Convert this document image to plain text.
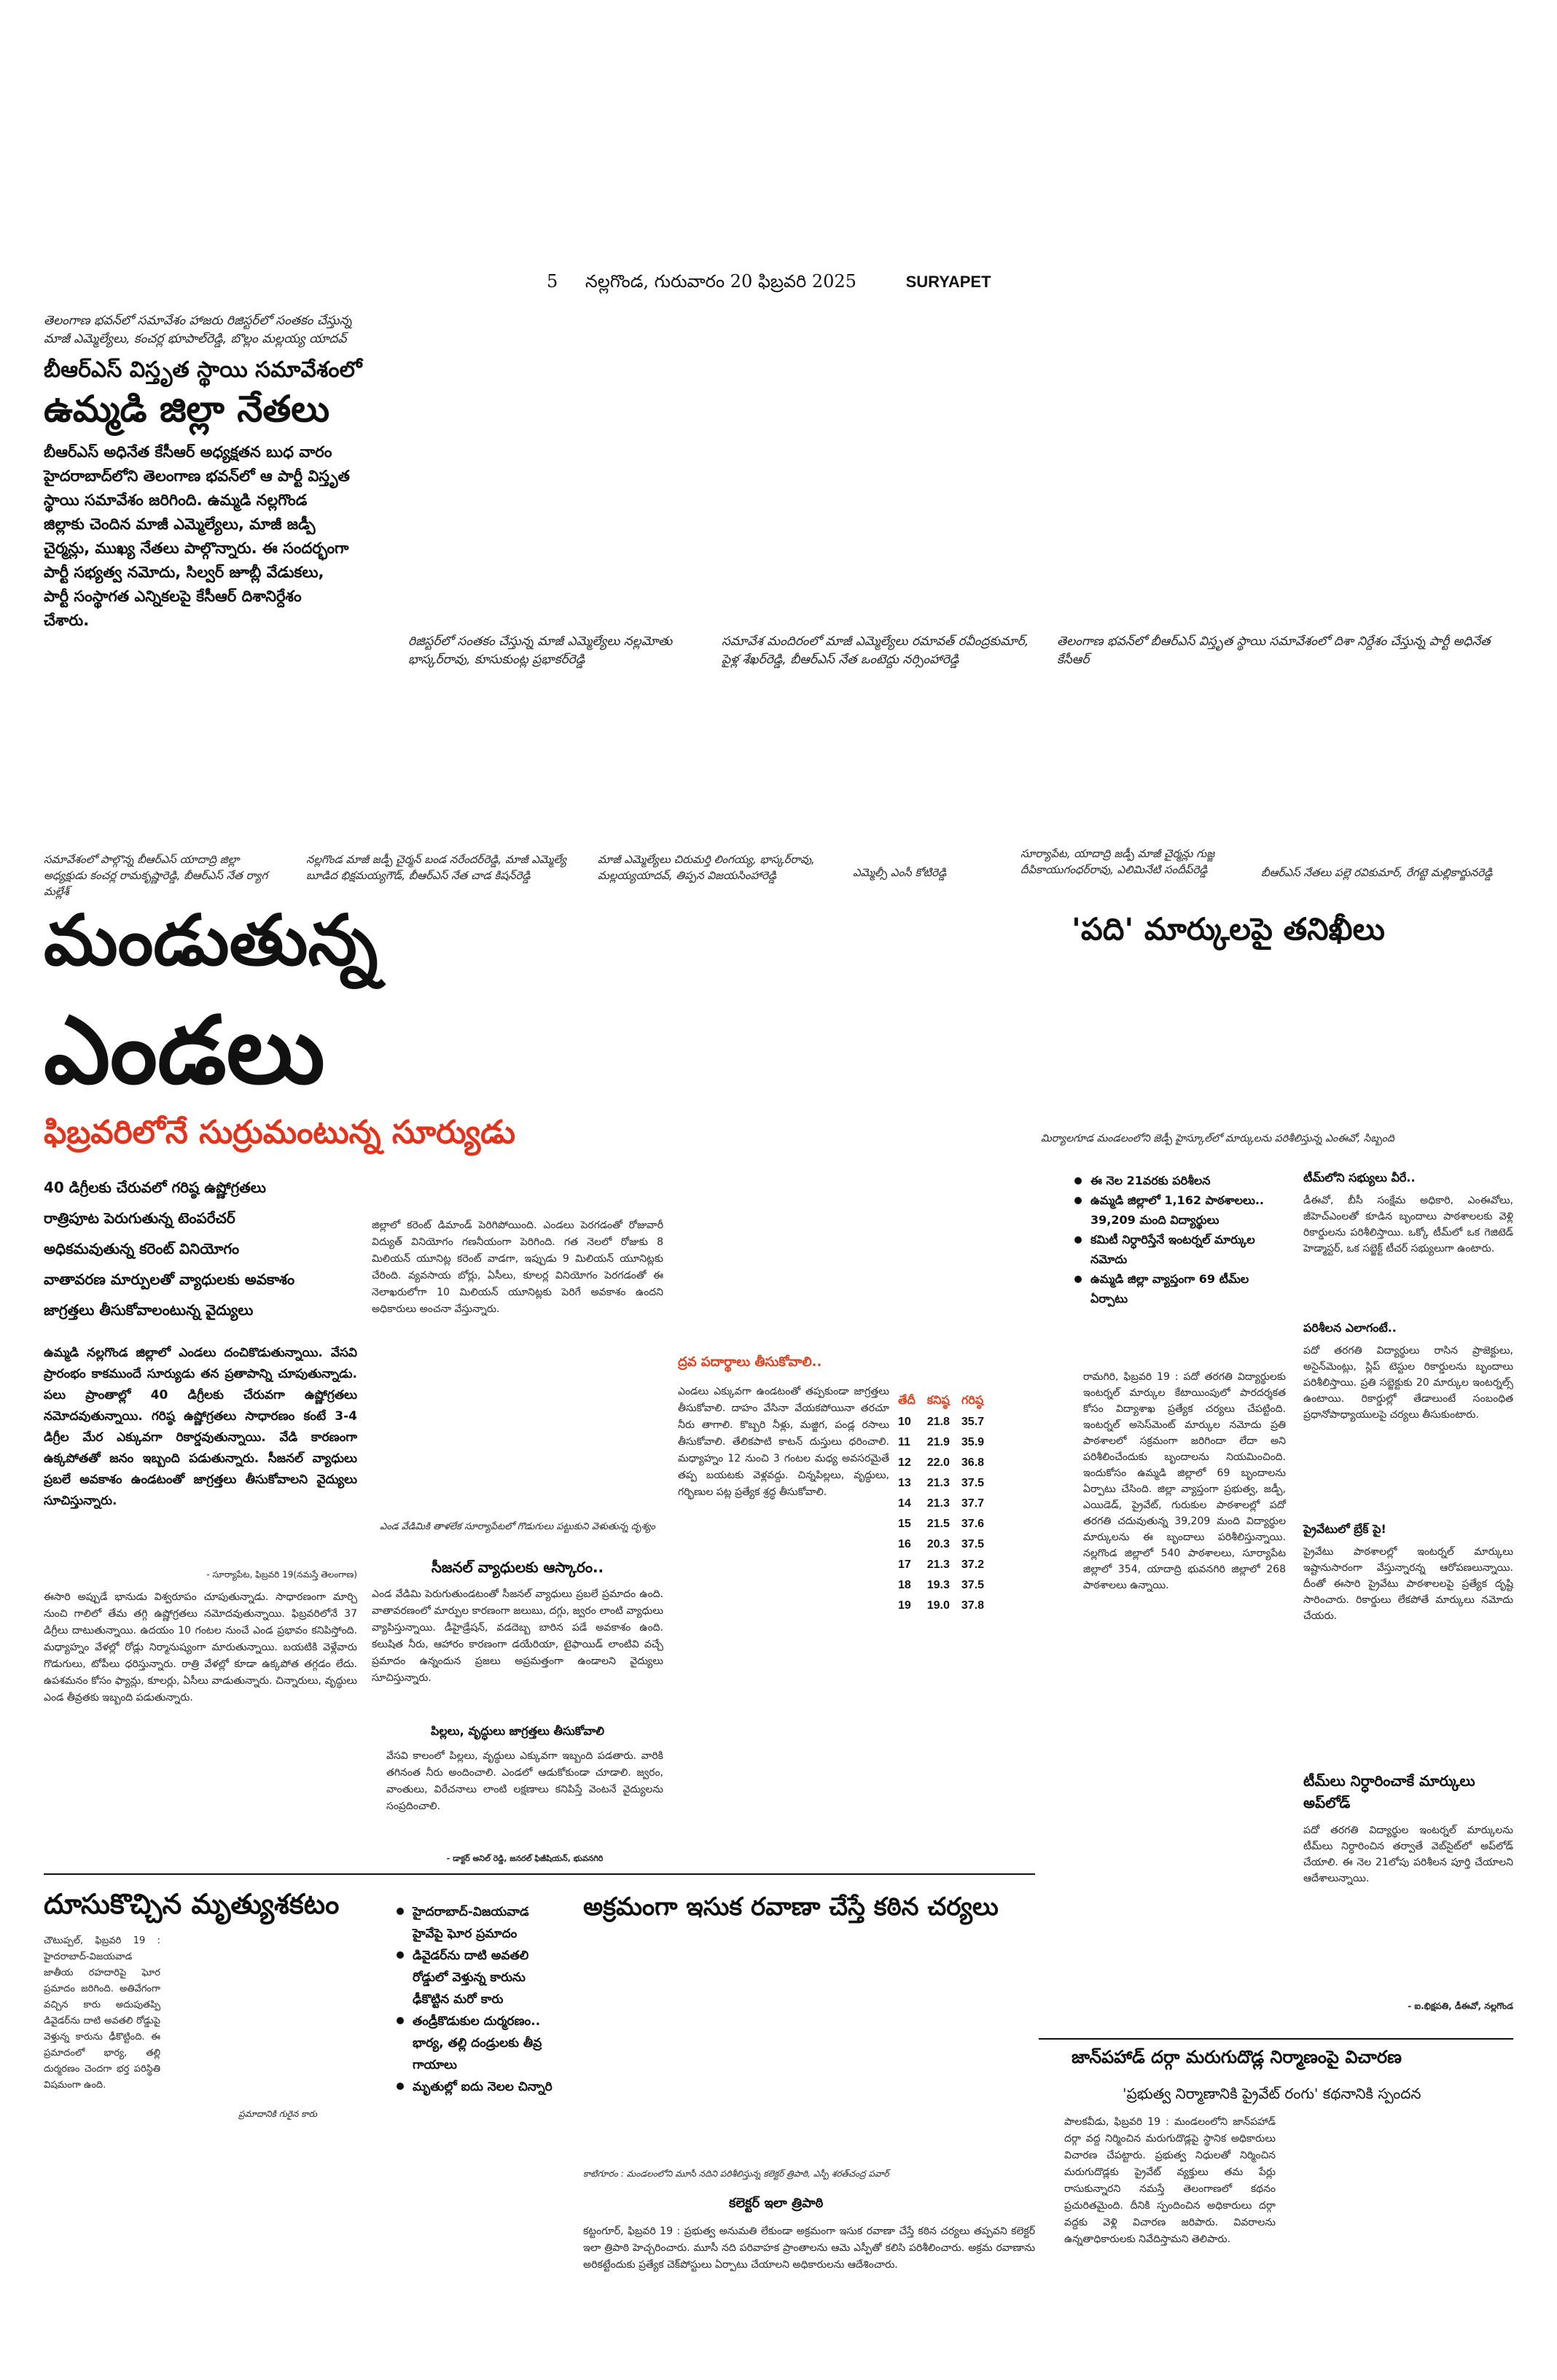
5 నల్లగొండ, గురువారం 20 ఫిబ్రవరి 2025	SURYAPET
తెలంగాణ భవన్‌లో సమావేశం హాజరు రిజిస్టర్‌లో సంతకం చేస్తున్న మాజీ ఎమ్మెల్యేలు, కంచర్ల భూపాల్‌రెడ్డి, బొల్లం మల్లయ్య యాదవ్
బీఆర్ఎస్ విస్తృత స్థాయి సమావేశంలో
ఉమ్మడి జిల్లా నేతలు
బీఆర్ఎస్ అధినేత కేసీఆర్ అధ్యక్షతన బుధ వారం హైదరాబాద్‌లోని తెలంగాణ భవన్‌లో ఆ పార్టీ విస్తృత స్థాయి సమావేశం జరిగింది. ఉమ్మడి నల్లగొండ జిల్లాకు చెందిన మాజీ ఎమ్మెల్యేలు, మాజీ జడ్పీ చైర్మన్లు, ముఖ్య నేతలు పాల్గొన్నారు. ఈ సందర్భంగా పార్టీ సభ్యత్వ నమోదు, సిల్వర్ జూబ్లీ వేడుకలు, పార్టీ సంస్థాగత ఎన్నికలపై కేసీఆర్ దిశానిర్దేశం చేశారు.
రిజిస్టర్‌లో సంతకం చేస్తున్న మాజీ ఎమ్మెల్యేలు నల్లమోతు భాస్కర్‌రావు, కూసుకుంట్ల ప్రభాకర్‌రెడ్డి
సమావేశ మందిరంలో మాజీ ఎమ్మెల్యేలు రమావత్ రవీంద్రకుమార్, పైళ్ల శేఖర్‌రెడ్డి, బీఆర్ఎస్ నేత ఒంటెద్దు నర్సింహారెడ్డి
తెలంగాణ భవన్‌లో బీఆర్ఎస్ విస్తృత స్థాయి సమావేశంలో దిశా నిర్దేశం చేస్తున్న పార్టీ అధినేత కేసీఆర్
సమావేశంలో పాల్గొన్న బీఆర్ఎస్ యాదాద్రి జిల్లా అధ్యక్షుడు కంచర్ల రామకృష్ణారెడ్డి, బీఆర్ఎస్ నేత ర్యాగ మల్లేశ్
నల్లగొండ మాజీ జడ్పీ చైర్మన్ బండ నరేందర్‌రెడ్డి, మాజీ ఎమ్మెల్యే బూడిద భిక్షమయ్యగౌడ్, బీఆర్ఎస్ నేత చాడ కిషన్‌రెడ్డి
మాజీ ఎమ్మెల్యేలు చిరుమర్తి లింగయ్య, భాస్కర్‌రావు, మల్లయ్యయాదవ్, తిప్పన విజయసింహారెడ్డి	ఎమ్మెల్సీ ఎంసీ కోటిరెడ్డి
సూర్యాపేట, యాదాద్రి జడ్పీ మాజీ చైర్మన్లు గుజ్జ దీపికాయుగంధర్‌రావు, ఎలిమినేటి సందీప్‌రెడ్డి	బీఆర్ఎస్ నేతలు పల్లె రవికుమార్, రేగట్టె మల్లికార్జునరెడ్డి
మండుతున్న
ఎండలు
ఫిబ్రవరిలోనే సుర్రుమంటున్న సూర్యుడు
40 డిగ్రీలకు చేరువలో గరిష్ఠ ఉష్ణోగ్రతలు
రాత్రిపూట పెరుగుతున్న టెంపరేచర్
అధికమవుతున్న కరెంట్ వినియోగం
వాతావరణ మార్పులతో వ్యాధులకు అవకాశం
జాగ్రత్తలు తీసుకోవాలంటున్న వైద్యులు
ఉమ్మడి నల్లగొండ జిల్లాలో ఎండలు దంచికొడుతున్నాయి. వేసవి ప్రారంభం కాకముందే సూర్యుడు తన ప్రతాపాన్ని చూపుతున్నాడు. పలు ప్రాంతాల్లో 40 డిగ్రీలకు చేరువగా ఉష్ణోగ్రతలు నమోదవుతున్నాయి. గరిష్ఠ ఉష్ణోగ్రతలు సాధారణం కంటే 3-4 డిగ్రీల మేర ఎక్కువగా రికార్డవుతున్నాయి. వేడి కారణంగా ఉక్కపోతతో జనం ఇబ్బంది పడుతున్నారు. సీజనల్ వ్యాధులు ప్రబలే అవకాశం ఉండటంతో జాగ్రత్తలు తీసుకోవాలని వైద్యులు సూచిస్తున్నారు.
- సూర్యాపేట, ఫిబ్రవరి 19(నమస్తే తెలంగాణ)
ఈసారి అప్పుడే భానుడు విశ్వరూపం చూపుతున్నాడు. సాధారణంగా మార్చి నుంచి గాలిలో తేమ తగ్గి ఉష్ణోగ్రతలు నమోదవుతున్నాయి. ఫిబ్రవరిలోనే 37 డిగ్రీలు దాటుతున్నాయి. ఉదయం 10 గంటల నుంచే ఎండ ప్రభావం కనిపిస్తోంది. మధ్యాహ్నం వేళల్లో రోడ్లు నిర్మానుష్యంగా మారుతున్నాయి. బయటికి వెళ్లేవారు గొడుగులు, టోపీలు ధరిస్తున్నారు. రాత్రి వేళల్లో కూడా ఉక్కపోత తగ్గడం లేదు. ఉపశమనం కోసం ఫ్యాన్లు, కూలర్లు, ఏసీలు వాడుతున్నారు. చిన్నారులు, వృద్ధులు ఎండ తీవ్రతకు ఇబ్బంది పడుతున్నారు.
జిల్లాలో కరెంట్ డిమాండ్ పెరిగిపోయింది. ఎండలు పెరగడంతో రోజువారీ విద్యుత్ వినియోగం గణనీయంగా పెరిగింది. గత నెలలో రోజుకు 8 మిలియన్ యూనిట్ల కరెంట్ వాడగా, ఇప్పుడు 9 మిలియన్ యూనిట్లకు చేరింది. వ్యవసాయ బోర్లు, ఏసీలు, కూలర్ల వినియోగం పెరగడంతో ఈ నెలాఖరులోగా 10 మిలియన్ యూనిట్లకు పెరిగే అవకాశం ఉందని అధికారులు అంచనా వేస్తున్నారు.
ఎండ వేడిమికి తాళలేక సూర్యాపేటలో గొడుగులు పట్టుకుని వెళుతున్న దృశ్యం
సీజనల్ వ్యాధులకు ఆస్కారం..
ఎండ వేడిమి పెరుగుతుండటంతో సీజనల్ వ్యాధులు ప్రబలే ప్రమాదం ఉంది. వాతావరణంలో మార్పుల కారణంగా జలుబు, దగ్గు, జ్వరం లాంటి వ్యాధులు వ్యాపిస్తున్నాయి. డీహైడ్రేషన్, వడదెబ్బ బారిన పడే అవకాశం ఉంది. కలుషిత నీరు, ఆహారం కారణంగా డయేరియా, టైఫాయిడ్ లాంటివి వచ్చే ప్రమాదం ఉన్నందున ప్రజలు అప్రమత్తంగా ఉండాలని వైద్యులు సూచిస్తున్నారు.
పిల్లలు, వృద్ధులు జాగ్రత్తలు తీసుకోవాలి
వేసవి కాలంలో పిల్లలు, వృద్ధులు ఎక్కువగా ఇబ్బంది పడతారు. వారికి తగినంత నీరు అందించాలి. ఎండలో ఆడుకోకుండా చూడాలి. జ్వరం, వాంతులు, విరేచనాలు లాంటి లక్షణాలు కనిపిస్తే వెంటనే వైద్యులను సంప్రదించాలి.
- డాక్టర్ అనిల్ రెడ్డి, జనరల్ ఫిజీషియన్, భువనగిరి
ద్రవ పదార్థాలు తీసుకోవాలి..
ఎండలు ఎక్కువగా ఉండటంతో తప్పకుండా జాగ్రత్తలు తీసుకోవాలి. దాహం వేసినా వేయకపోయినా తరచూ నీరు తాగాలి. కొబ్బరి నీళ్లు, మజ్జిగ, పండ్ల రసాలు తీసుకోవాలి. తేలికపాటి కాటన్ దుస్తులు ధరించాలి. మధ్యాహ్నం 12 నుంచి 3 గంటల మధ్య అవసరమైతే తప్ప బయటకు వెళ్లవద్దు. చిన్నపిల్లలు, వృద్ధులు, గర్భిణుల పట్ల ప్రత్యేక శ్రద్ధ తీసుకోవాలి.
తేదీ	కనిష్ఠ	గరిష్ఠ
10	21.8	35.7
11	21.9	35.9
12	22.0	36.8
13	21.3	37.5
14	21.3	37.7
15	21.5	37.6
16	20.3	37.5
17	21.3	37.2
18	19.3	37.5
19	19.0	37.8
'పది' మార్కులపై తనిఖీలు
మిర్యాలగూడ మండలంలోని జెడ్పీ హైస్కూల్‌లో మార్కులను పరిశీలిస్తున్న ఎంఈవో, సిబ్బంది
ఈ నెల 21వరకు పరిశీలన
ఉమ్మడి జిల్లాలో 1,162 పాఠశాలలు.. 39,209 మంది విద్యార్థులు
కమిటీ నిర్ధారిస్తేనే ఇంటర్నల్ మార్కుల నమోదు
ఉమ్మడి జిల్లా వ్యాప్తంగా 69 టీమ్‌ల ఏర్పాటు
రామగిరి, ఫిబ్రవరి 19 : పదో తరగతి విద్యార్థులకు ఇంటర్నల్ మార్కుల కేటాయింపులో పారదర్శకత కోసం విద్యాశాఖ ప్రత్యేక చర్యలు చేపట్టింది. ఇంటర్నల్ అసెస్‌మెంట్ మార్కుల నమోదు ప్రతి పాఠశాలలో సక్రమంగా జరిగిందా లేదా అని పరిశీలించేందుకు బృందాలను నియమించింది. ఇందుకోసం ఉమ్మడి జిల్లాలో 69 బృందాలను ఏర్పాటు చేసింది. జిల్లా వ్యాప్తంగా ప్రభుత్వ, జడ్పీ, ఎయిడెడ్, ప్రైవేట్, గురుకుల పాఠశాలల్లో పదో తరగతి చదువుతున్న 39,209 మంది విద్యార్థుల మార్కులను ఈ బృందాలు పరిశీలిస్తున్నాయి. నల్లగొండ జిల్లాలో 540 పాఠశాలలు, సూర్యాపేట జిల్లాలో 354, యాదాద్రి భువనగిరి జిల్లాలో 268 పాఠశాలలు ఉన్నాయి.
టీమ్‌లోని సభ్యులు వీరే..
డీఈవో, బీసీ సంక్షేమ అధికారి, ఎంఈవోలు, జీహెచ్ఎంలతో కూడిన బృందాలు పాఠశాలలకు వెళ్లి రికార్డులను పరిశీలిస్తాయి. ఒక్కో టీమ్‌లో ఒక గెజిటెడ్ హెడ్మాస్టర్, ఒక సబ్జెక్ట్ టీచర్ సభ్యులుగా ఉంటారు.
పరిశీలన ఎలాగంటే..
పదో తరగతి విద్యార్థులు రాసిన ప్రాజెక్టులు, అసైన్‌మెంట్లు, స్లిప్ టెస్టుల రికార్డులను బృందాలు పరిశీలిస్తాయి. ప్రతి సబ్జెక్టుకు 20 మార్కుల ఇంటర్నల్స్ ఉంటాయి. రికార్డుల్లో తేడాలుంటే సంబంధిత ప్రధానోపాధ్యాయులపై చర్యలు తీసుకుంటారు.
ప్రైవేటులో బ్రేక్ పై!
ప్రైవేటు పాఠశాలల్లో ఇంటర్నల్ మార్కులు ఇష్టానుసారంగా వేస్తున్నారన్న ఆరోపణలున్నాయి. దీంతో ఈసారి ప్రైవేటు పాఠశాలలపై ప్రత్యేక దృష్టి సారించారు. రికార్డులు లేకపోతే మార్కులు నమోదు చేయరు.
టీమ్‌లు నిర్ధారించాకే మార్కులు అప్‌లోడ్
పదో తరగతి విద్యార్థుల ఇంటర్నల్ మార్కులను టీమ్‌లు నిర్ధారించిన తర్వాతే వెబ్‌సైట్‌లో అప్‌లోడ్ చేయాలి. ఈ నెల 21లోపు పరిశీలన పూర్తి చేయాలని ఆదేశాలున్నాయి.
- ఐ.భిక్షపతి, డీఈవో, నల్లగొండ
దూసుకొచ్చిన మృత్యుశకటం
చౌటుప్పల్, ఫిబ్రవరి 19 : హైదరాబాద్-విజయవాడ జాతీయ రహదారిపై ఘోర ప్రమాదం జరిగింది. అతివేగంగా వచ్చిన కారు అదుపుతప్పి డివైడర్‌ను దాటి అవతలి రోడ్డుపై వెళ్తున్న కారును ఢీకొట్టింది. ఈ ప్రమాదంలో భార్య, తల్లి దుర్మరణం చెందగా భర్త పరిస్థితి విషమంగా ఉంది.
ప్రమాదానికి గురైన కారు
హైదరాబాద్-విజయవాడ హైవేపై ఘోర ప్రమాదం
డివైడర్‌ను దాటి అవతలి రోడ్డులో వెళ్తున్న కారును ఢీకొట్టిన మరో కారు
తండ్రీకొడుకుల దుర్మరణం.. భార్య, తల్లి దండ్రులకు తీవ్ర గాయాలు
మృతుల్లో ఐదు నెలల చిన్నారి
అక్రమంగా ఇసుక రవాణా చేస్తే కఠిన చర్యలు
కాటిగూరం : మండలంలోని మూసీ నదిని పరిశీలిస్తున్న కలెక్టర్ త్రిపాఠి, ఎస్పీ శరత్‌చంద్ర పవార్
కలెక్టర్ ఇలా త్రిపాఠి
కట్టంగూర్, ఫిబ్రవరి 19 : ప్రభుత్వ అనుమతి లేకుండా అక్రమంగా ఇసుక రవాణా చేస్తే కఠిన చర్యలు తప్పవని కలెక్టర్ ఇలా త్రిపాఠి హెచ్చరించారు. మూసీ నది పరివాహక ప్రాంతాలను ఆమె ఎస్పీతో కలిసి పరిశీలించారు. అక్రమ రవాణాను అరికట్టేందుకు ప్రత్యేక చెక్‌పోస్టులు ఏర్పాటు చేయాలని అధికారులను ఆదేశించారు.
జాన్‌పహాడ్ దర్గా మరుగుదొడ్ల నిర్మాణంపై విచారణ
'ప్రభుత్వ నిర్మాణానికి ప్రైవేట్ రంగు' కథనానికి స్పందన
పాలకవీడు, ఫిబ్రవరి 19 : మండలంలోని జాన్‌పహాడ్ దర్గా వద్ద నిర్మించిన మరుగుదొడ్లపై స్థానిక అధికారులు విచారణ చేపట్టారు. ప్రభుత్వ నిధులతో నిర్మించిన మరుగుదొడ్లకు ప్రైవేట్ వ్యక్తులు తమ పేర్లు రాసుకున్నారని నమస్తే తెలంగాణలో కథనం ప్రచురితమైంది. దీనికి స్పందించిన అధికారులు దర్గా వద్దకు వెళ్లి విచారణ జరిపారు. వివరాలను ఉన్నతాధికారులకు నివేదిస్తామని తెలిపారు.
